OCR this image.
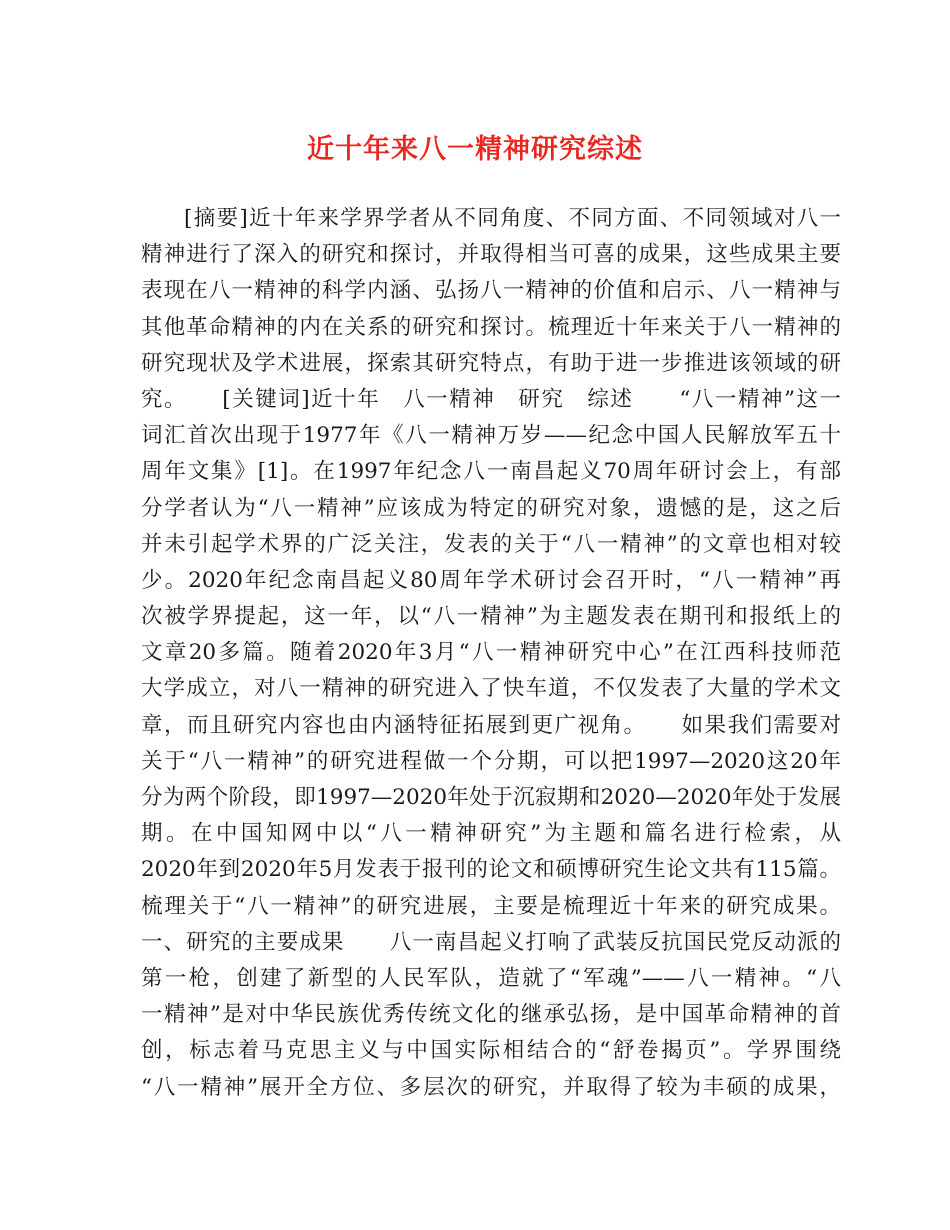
近十年来八一精神研究综述
[摘要]近十年来学界学者从不同角度、不同方面、不同领域对八一
精神进行了深入的研究和探讨，并取得相当可喜的成果，这些成果主要
表现在八一精神的科学内涵、弘扬八一精神的价值和启示、八一精神与
其他革命精神的内在关系的研究和探讨。梳理近十年来关于八一精神的
研究现状及学术进展，探索其研究特点，有助于进一步推进该领域的研
究。　　[关键词]近十年　八一精神　研究　综述　　“八一精神”这一
词汇首次出现于1977年《八一精神万岁——纪念中国人民解放军五十
周年文集》[1]。在1997年纪念八一南昌起义70周年研讨会上，有部
分学者认为“八一精神”应该成为特定的研究对象，遗憾的是，这之后
并未引起学术界的广泛关注，发表的关于“八一精神”的文章也相对较
少。2020年纪念南昌起义80周年学术研讨会召开时，“八一精神”再
次被学界提起，这一年，以“八一精神”为主题发表在期刊和报纸上的
文章20多篇。随着2020年3月“八一精神研究中心”在江西科技师范
大学成立，对八一精神的研究进入了快车道，不仅发表了大量的学术文
章，而且研究内容也由内涵特征拓展到更广视角。　　如果我们需要对
关于“八一精神”的研究进程做一个分期，可以把1997—2020这20年
分为两个阶段，即1997—2020年处于沉寂期和2020—2020年处于发展
期。在中国知网中以“八一精神研究”为主题和篇名进行检索，从
2020年到2020年5月发表于报刊的论文和硕博研究生论文共有115篇。
梳理关于“八一精神”的研究进展，主要是梳理近十年来的研究成果。
一、研究的主要成果　　八一南昌起义打响了武装反抗国民党反动派的
第一枪，创建了新型的人民军队，造就了“军魂”——八一精神。“八
一精神”是对中华民族优秀传统文化的继承弘扬，是中国革命精神的首
创，标志着马克思主义与中国实际相结合的“舒卷揭页”。学界围绕
“八一精神”展开全方位、多层次的研究，并取得了较为丰硕的成果，
